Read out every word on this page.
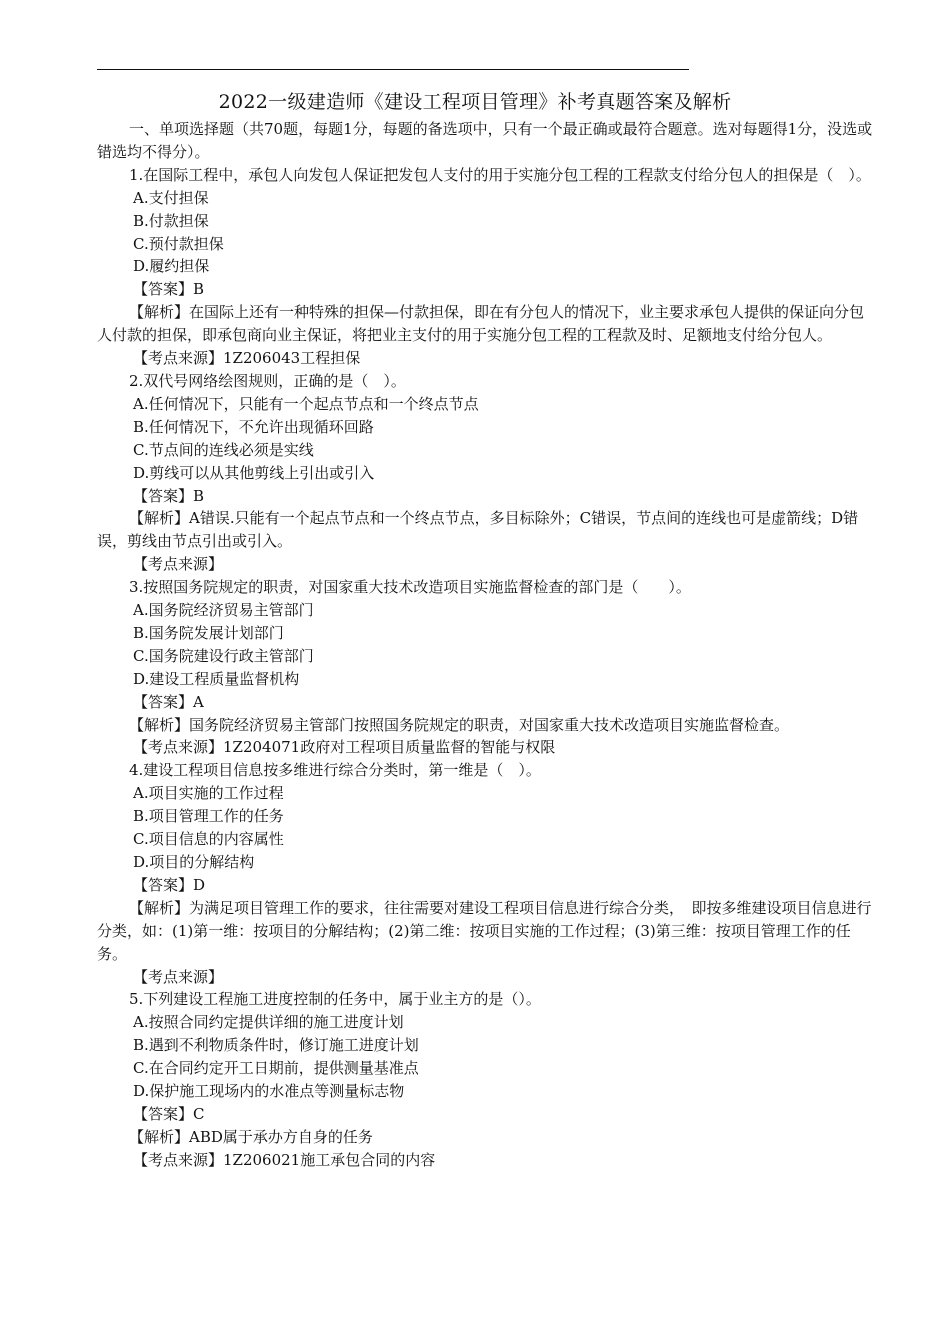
2022一级建造师《建设工程项目管理》补考真题答案及解析

一、单项选择题（共70题，每题1分，每题的备选项中，只有一个最正确或最符合题意。选对每题得1分，没选或错选均不得分）。

1.在国际工程中，承包人向发包人保证把发包人支付的用于实施分包工程的工程款支付给分包人的担保是（　）。

A.支付担保

B.付款担保

C.预付款担保

D.履约担保

【答案】B

【解析】在国际上还有一种特殊的担保—付款担保，即在有分包人的情况下，业主要求承包人提供的保证向分包人付款的担保，即承包商向业主保证，将把业主支付的用于实施分包工程的工程款及时、足额地支付给分包人。

【考点来源】1Z206043工程担保

2.双代号网络绘图规则，正确的是（　）。

A.任何情况下，只能有一个起点节点和一个终点节点

B.任何情况下，不允许出现循环回路

C.节点间的连线必须是实线

D.剪线可以从其他剪线上引出或引入

【答案】B

【解析】A错误.只能有一个起点节点和一个终点节点，多目标除外；C错误，节点间的连线也可是虚箭线；D错误，剪线由节点引出或引入。

【考点来源】

3.按照国务院规定的职责，对国家重大技术改造项目实施监督检查的部门是（　　）。

A.国务院经济贸易主管部门

B.国务院发展计划部门

C.国务院建设行政主管部门

D.建设工程质量监督机构

【答案】A

【解析】国务院经济贸易主管部门按照国务院规定的职责，对国家重大技术改造项目实施监督检查。

【考点来源】1Z204071政府对工程项目质量监督的智能与权限

4.建设工程项目信息按多维进行综合分类时，第一维是（　）。

A.项目实施的工作过程

B.项目管理工作的任务

C.项目信息的内容属性

D.项目的分解结构

【答案】D

【解析】为满足项目管理工作的要求，往往需要对建设工程项目信息进行综合分类，　即按多维建设项目信息进行分类，如：(1)第一维：按项目的分解结构；(2)第二维：按项目实施的工作过程；(3)第三维：按项目管理工作的任务。

【考点来源】

5.下列建设工程施工进度控制的任务中，属于业主方的是（）。

A.按照合同约定提供详细的施工进度计划

B.遇到不利物质条件时，修订施工进度计划

C.在合同约定开工日期前，提供测量基准点

D.保护施工现场内的水准点等测量标志物

【答案】C

【解析】ABD属于承办方自身的任务

【考点来源】1Z206021施工承包合同的内容
